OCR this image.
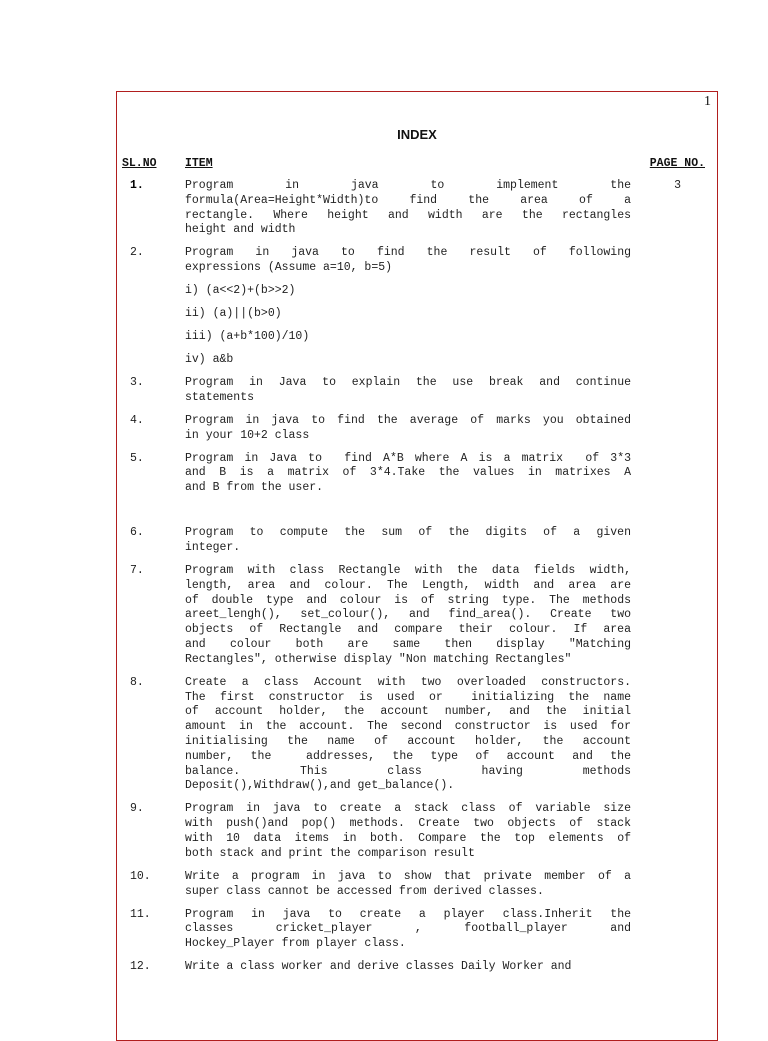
1
INDEX
SL.NO ITEM	PAGE NO.
1.	Program in java to implement the
formula(Area=Height*Width)to find the area of a
rectangle. Where height and width are the rectangles
height and width
3
2.	Program in java to find the result of following
expressions (Assume a=10, b=5)
i) (a<<2)+(b>>2)
ii) (a)||(b>0)
iii) (a+b*100)/10)
iv) a&b
3.	Program in Java to explain the use break and continue
statements
4.	Program in java to find the average of marks you obtained
in your 10+2 class
5.	Program in Java to  find A*B where A is a matrix  of 3*3
and B is a matrix of 3*4.Take the values in matrixes A
and B from the user.
6.	Program to compute the sum of the digits of a given
integer.
7.	Program with class Rectangle with the data fields width,
length, area and colour. The Length, width and area are
of double type and colour is of string type. The methods
areet_lengh(), set_colour(), and find_area(). Create two
objects of Rectangle and compare their colour. If area
and colour both are same then display "Matching
Rectangles", otherwise display "Non matching Rectangles"
8.	Create a class Account with two overloaded constructors.
The first constructor is used or  initializing the name
of account holder, the account number, and the initial
amount in the account. The second constructor is used for
initialising the name of account holder, the account
number, the  addresses, the type of account and the
balance.    This    class    having    methods
Deposit(),Withdraw(),and get_balance().
9.	Program in java to create a stack class of variable size
with push()and pop() methods. Create two objects of stack
with 10 data items in both. Compare the top elements of
both stack and print the comparison result
10.	Write a program in java to show that private member of a
super class cannot be accessed from derived classes.
11.	Program in java to create a player class.Inherit the
classes   cricket_player   ,   football_player   and
Hockey_Player from player class.
12.	Write a class worker and derive classes Daily Worker and
